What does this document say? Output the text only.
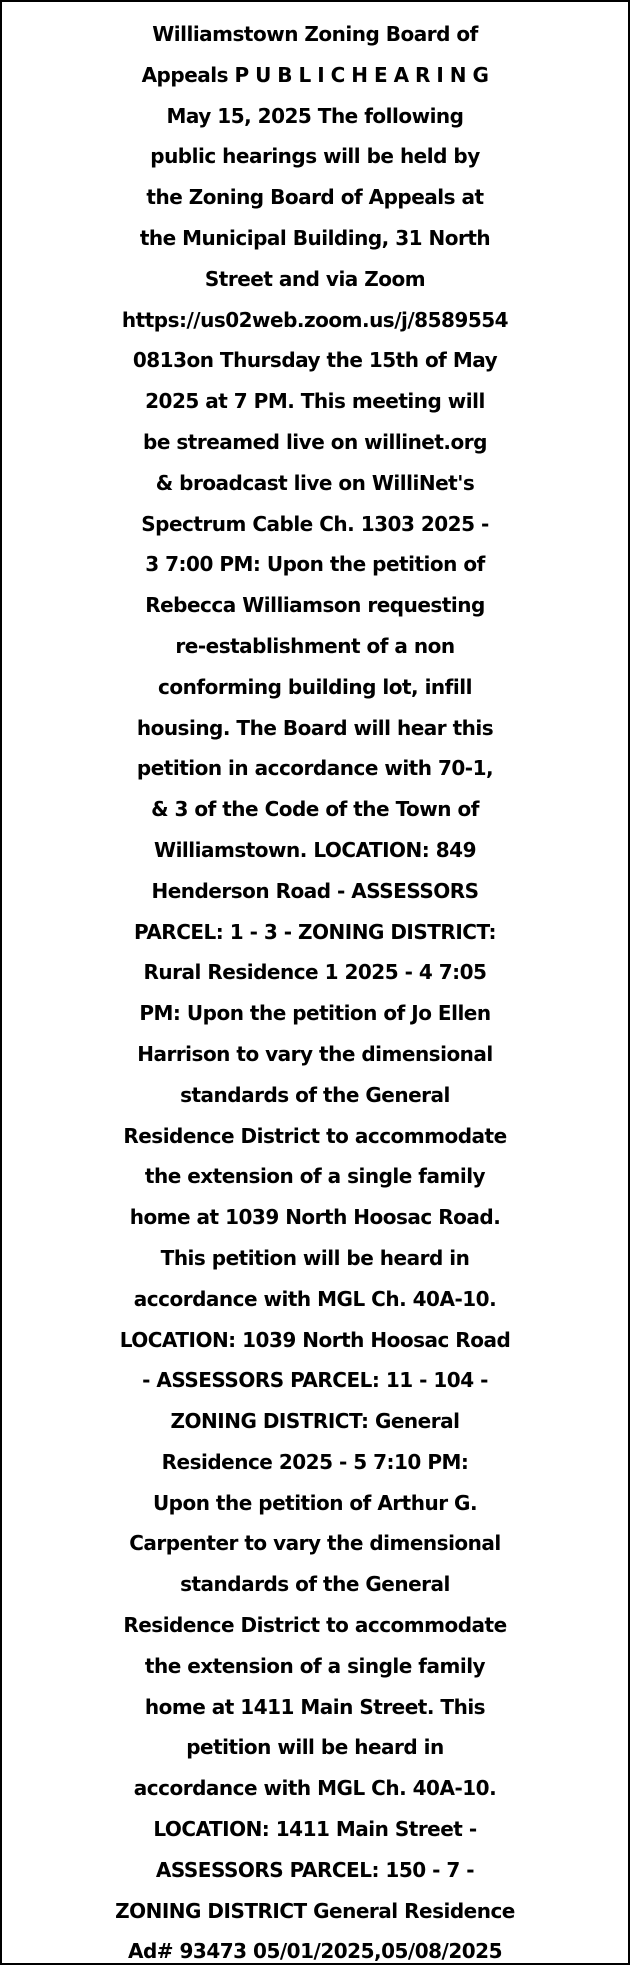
Williamstown Zoning Board of

Appeals P U B L I C H E A R I N G

May 15, 2025 The following

public hearings will be held by

the Zoning Board of Appeals at

the Municipal Building, 31 North

Street and via Zoom

https://us02web.zoom.us/j/8589554

0813on Thursday the 15th of May

2025 at 7 PM. This meeting will

be streamed live on willinet.org

& broadcast live on WilliNet's

Spectrum Cable Ch. 1303 2025 -

3 7:00 PM: Upon the petition of

Rebecca Williamson requesting

re-establishment of a non

conforming building lot, infill

housing. The Board will hear this

petition in accordance with 70-1,

& 3 of the Code of the Town of

Williamstown. LOCATION: 849

Henderson Road - ASSESSORS

PARCEL: 1 - 3 - ZONING DISTRICT:

Rural Residence 1 2025 - 4 7:05

PM: Upon the petition of Jo Ellen

Harrison to vary the dimensional

standards of the General

Residence District to accommodate

the extension of a single family

home at 1039 North Hoosac Road.

This petition will be heard in

accordance with MGL Ch. 40A-10.

LOCATION: 1039 North Hoosac Road

- ASSESSORS PARCEL: 11 - 104 -

ZONING DISTRICT: General

Residence 2025 - 5 7:10 PM:

Upon the petition of Arthur G.

Carpenter to vary the dimensional

standards of the General

Residence District to accommodate

the extension of a single family

home at 1411 Main Street. This

petition will be heard in

accordance with MGL Ch. 40A-10.

LOCATION: 1411 Main Street -

ASSESSORS PARCEL: 150 - 7 -

ZONING DISTRICT General Residence

Ad# 93473 05/01/2025,05/08/2025
